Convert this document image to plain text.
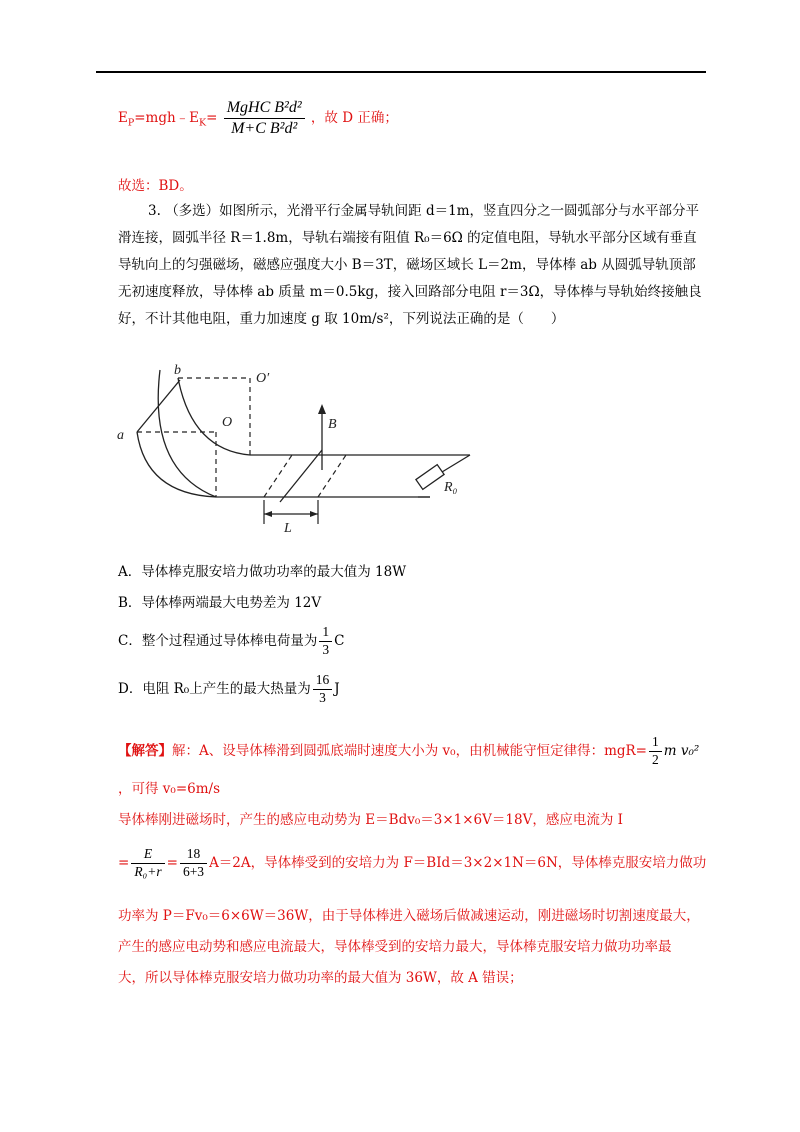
$E_P=mgh﹣E_K= \frac{\text{MgHC B²d²}}{\text{M+C B²d²}}$ ，故 D 正确；
故选：BD。
3. （多选）如图所示，光滑平行金属导轨间距 d＝1m，竖直四分之一圆弧部分与水平部分平滑连接，圆弧半径 R＝1.8m，导轨右端接有阻值 R₀＝6Ω 的定值电阻，导轨水平部分区域有垂直导轨向上的匀强磁场，磁感应强度大小 B＝3T，磁场区域长 L＝2m，导体棒 ab 从圆弧导轨顶部无初速度释放，导体棒 ab 质量 m＝0.5kg，接入回路部分电阻 r＝3Ω，导体棒与导轨始终接触良好，不计其他电阻，重力加速度 g 取 10m/s²，下列说法正确的是（　　）
b
O′
O
a
B
R₀
L
A．导体棒克服安培力做功功率的最大值为 18W
B．导体棒两端最大电势差为 12V
C．整个过程通过导体棒电荷量为 $\frac{1}{3}$ C
D．电阻 R₀上产生的最大热量为 $\frac{16}{3}$ J
【解答】解：A、设导体棒滑到圆弧底端时速度大小为 v₀，由机械能守恒定律得：$mgR= \frac{1}{2}$ m v₀²
，可得 v₀=6m/s
导体棒刚进磁场时，产生的感应电动势为 E＝Bdv₀＝3×1×6V＝18V，感应电流为 I
= $\frac{E}{\text{R₀+r}} = \frac{18}{6+3} A=2A$，导体棒受到的安培力为 F＝BId＝3×2×1N＝6N，导体棒克服安培力做功
功率为 P＝Fv₀＝6×6W＝36W，由于导体棒进入磁场后做减速运动，刚进磁场时切割速度最大，
产生的感应电动势和感应电流最大，导体棒受到的安培力最大，导体棒克服安培力做功功率最
大，所以导体棒克服安培力做功功率的最大值为 36W，故 A 错误；
